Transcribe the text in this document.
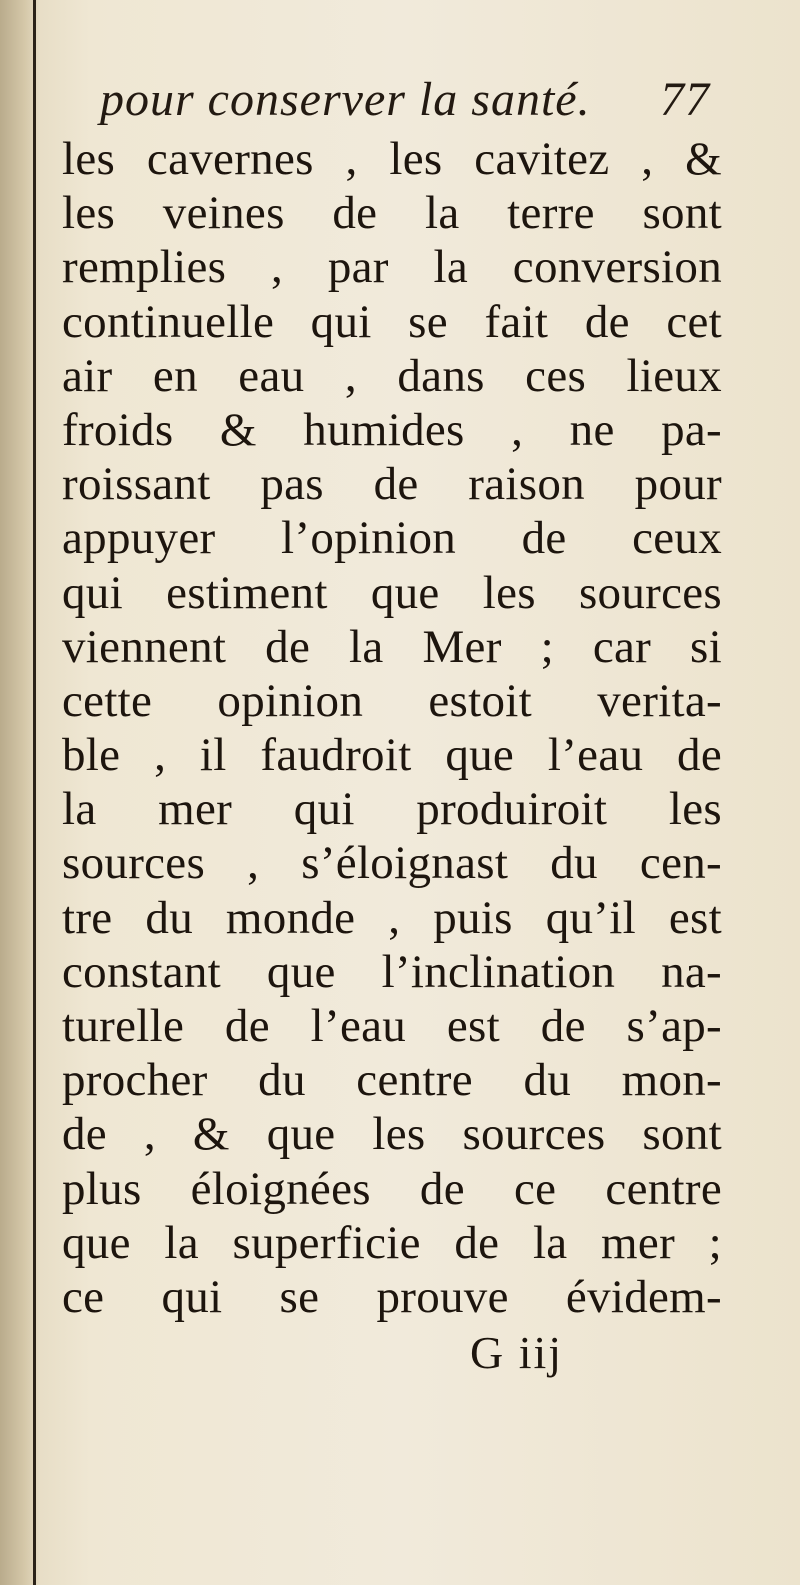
pour conserver la santé. 77
les cavernes , les cavitez , &
les veines de la terre sont
remplies , par la conversion
continuelle qui se fait de cet
air en eau , dans ces lieux
froids & humides , ne pa-
roissant pas de raison pour
appuyer l’opinion de ceux
qui estiment que les sources
viennent de la Mer ; car si
cette opinion estoit verita-
ble , il faudroit que l’eau de
la mer qui produiroit les
sources , s’éloignast du cen-
tre du monde , puis qu’il est
constant que l’inclination na-
turelle de l’eau est de s’ap-
procher du centre du mon-
de , & que les sources sont
plus éloignées de ce centre
que la superficie de la mer ;
ce qui se prouve évidem-
G iij
